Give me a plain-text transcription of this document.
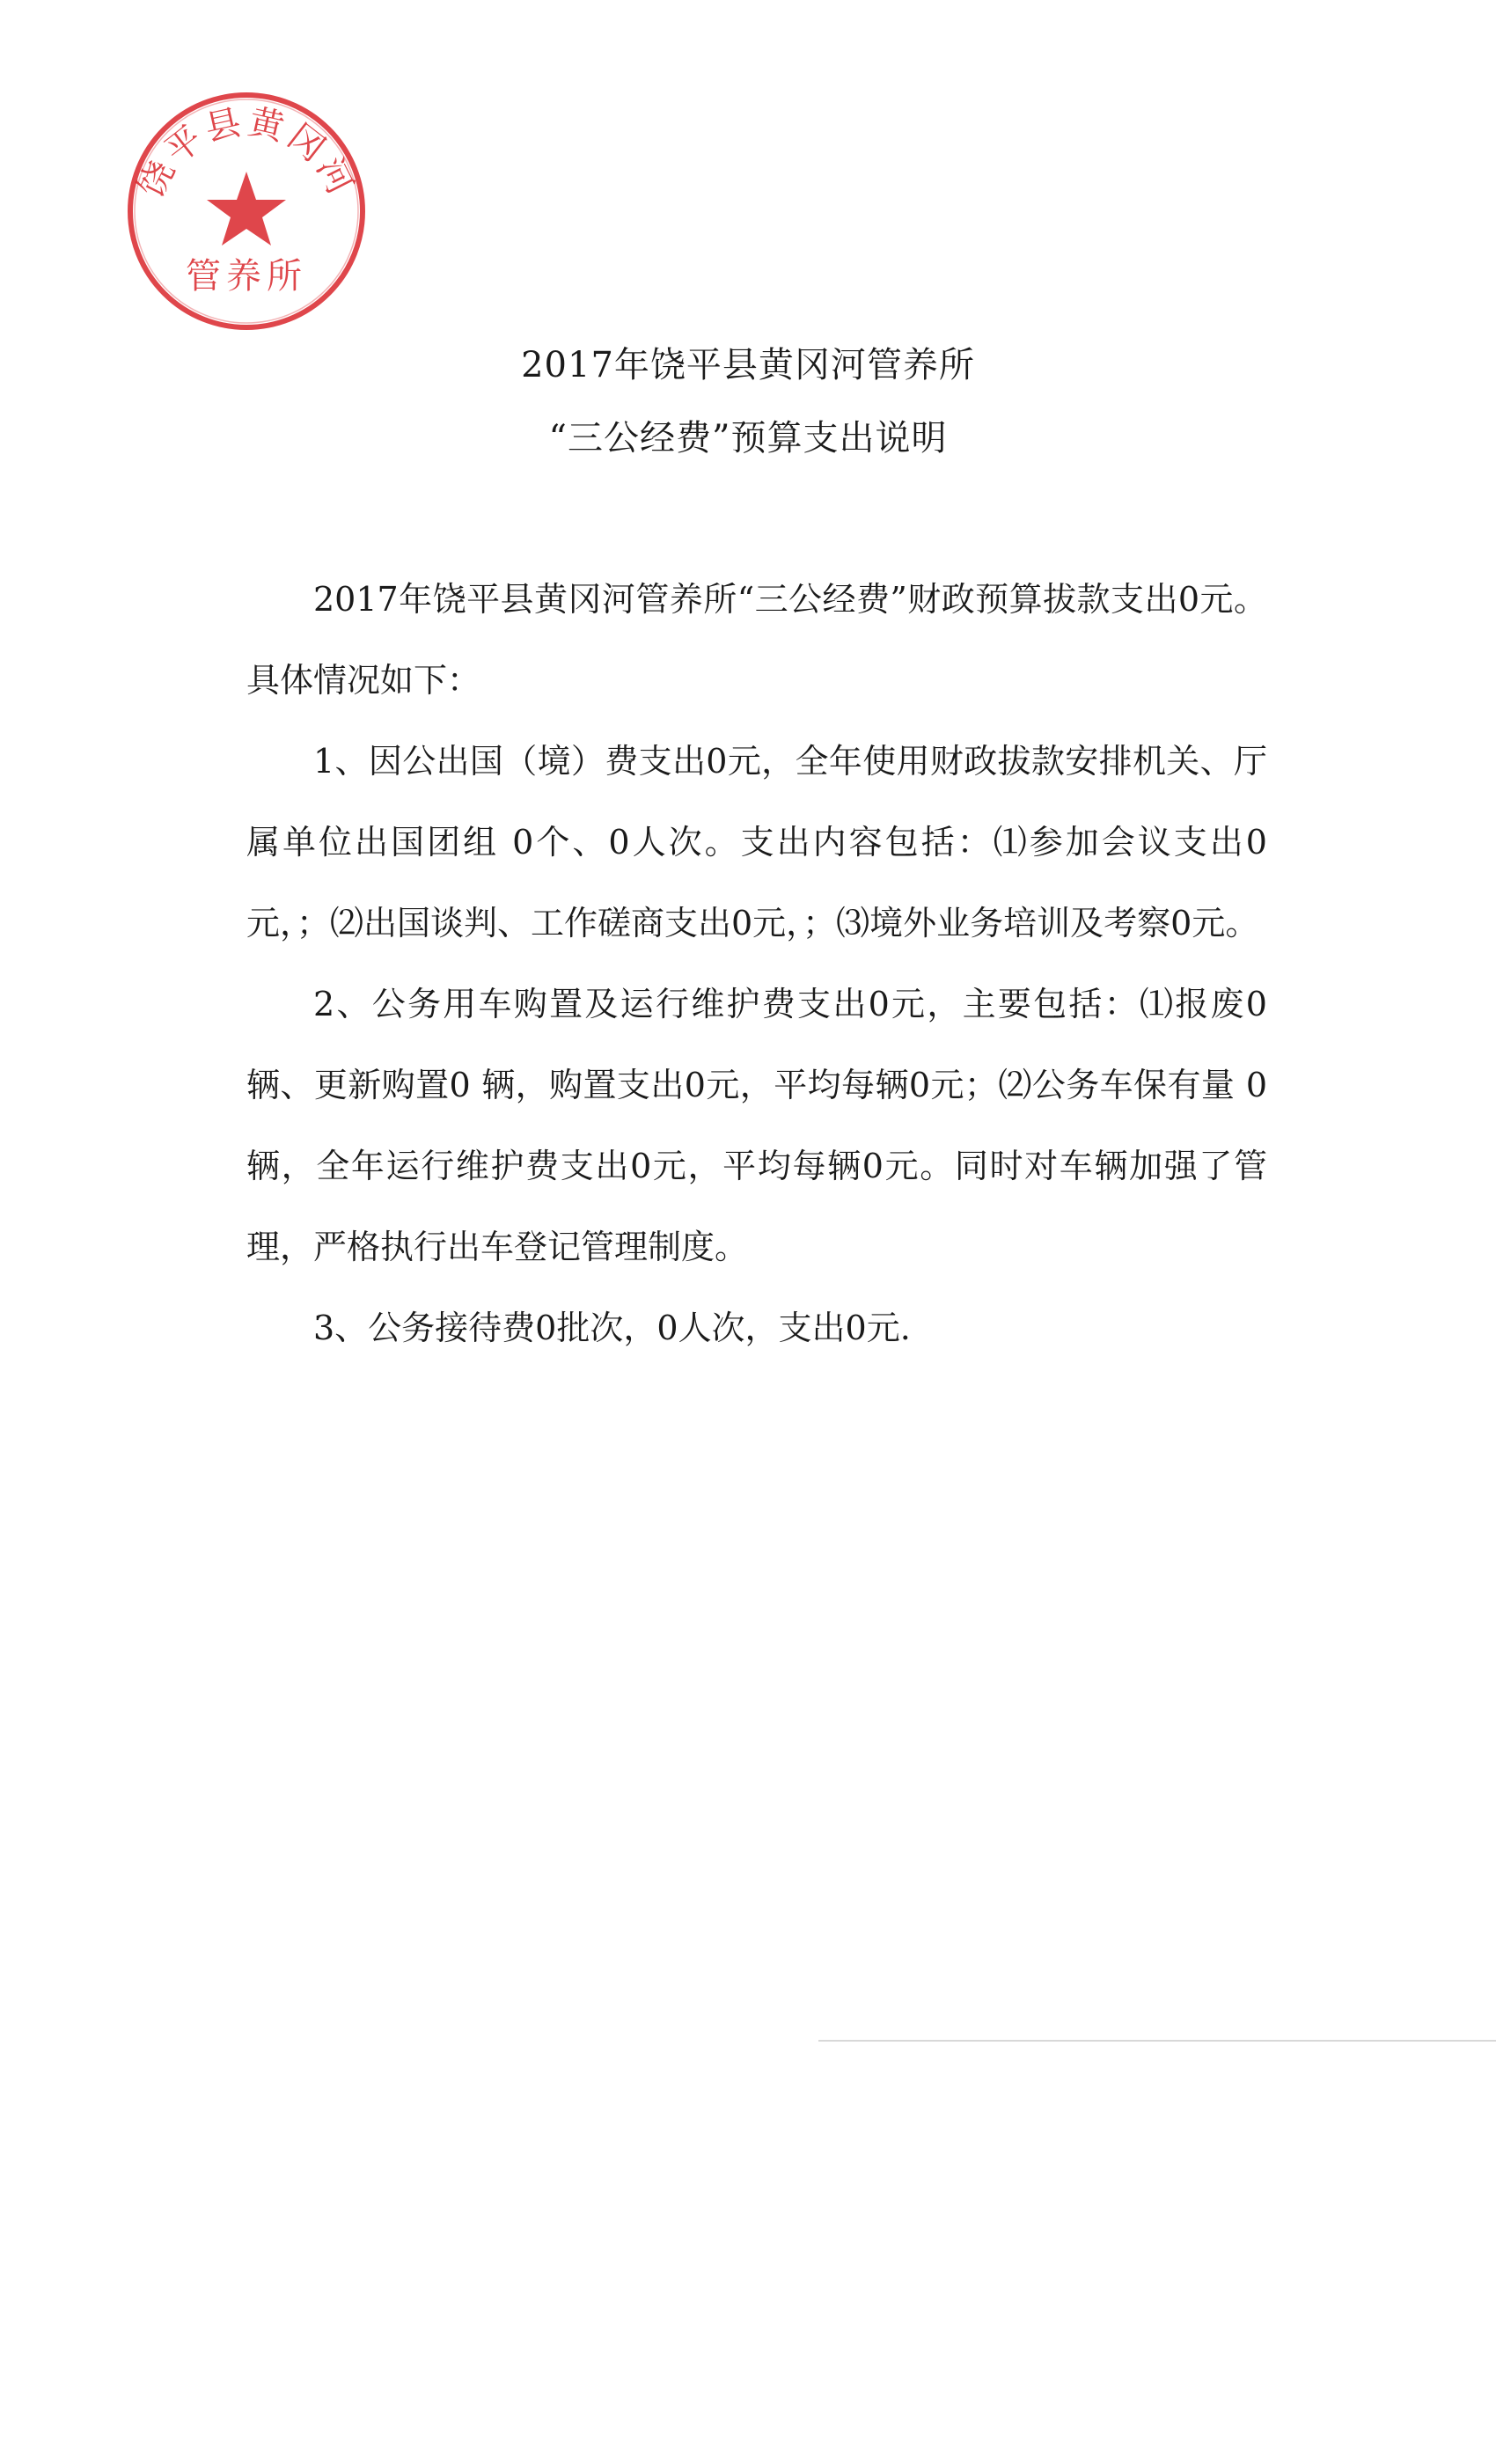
饶平县黄冈河
管养所
2017年饶平县黄冈河管养所
“三公经费”预算支出说明

2017年饶平县黄冈河管养所“三公经费”财政预算拔款支出0元。具体情况如下：

1、因公出国（境）费支出0元，全年使用财政拔款安排机关、厅属单位出国团组 0个、0人次。支出内容包括：⑴参加会议支出0元，；⑵出国谈判、工作磋商支出0元，；⑶境外业务培训及考察0元。

2、公务用车购置及运行维护费支出0元，主要包括：⑴报废0 辆、更新购置0 辆，购置支出0元，平均每辆0元；⑵公务车保有量 0辆，全年运行维护费支出0元，平均每辆0元。同时对车辆加强了管理，严格执行出车登记管理制度。

3、公务接待费0批次，0人次，支出0元.
